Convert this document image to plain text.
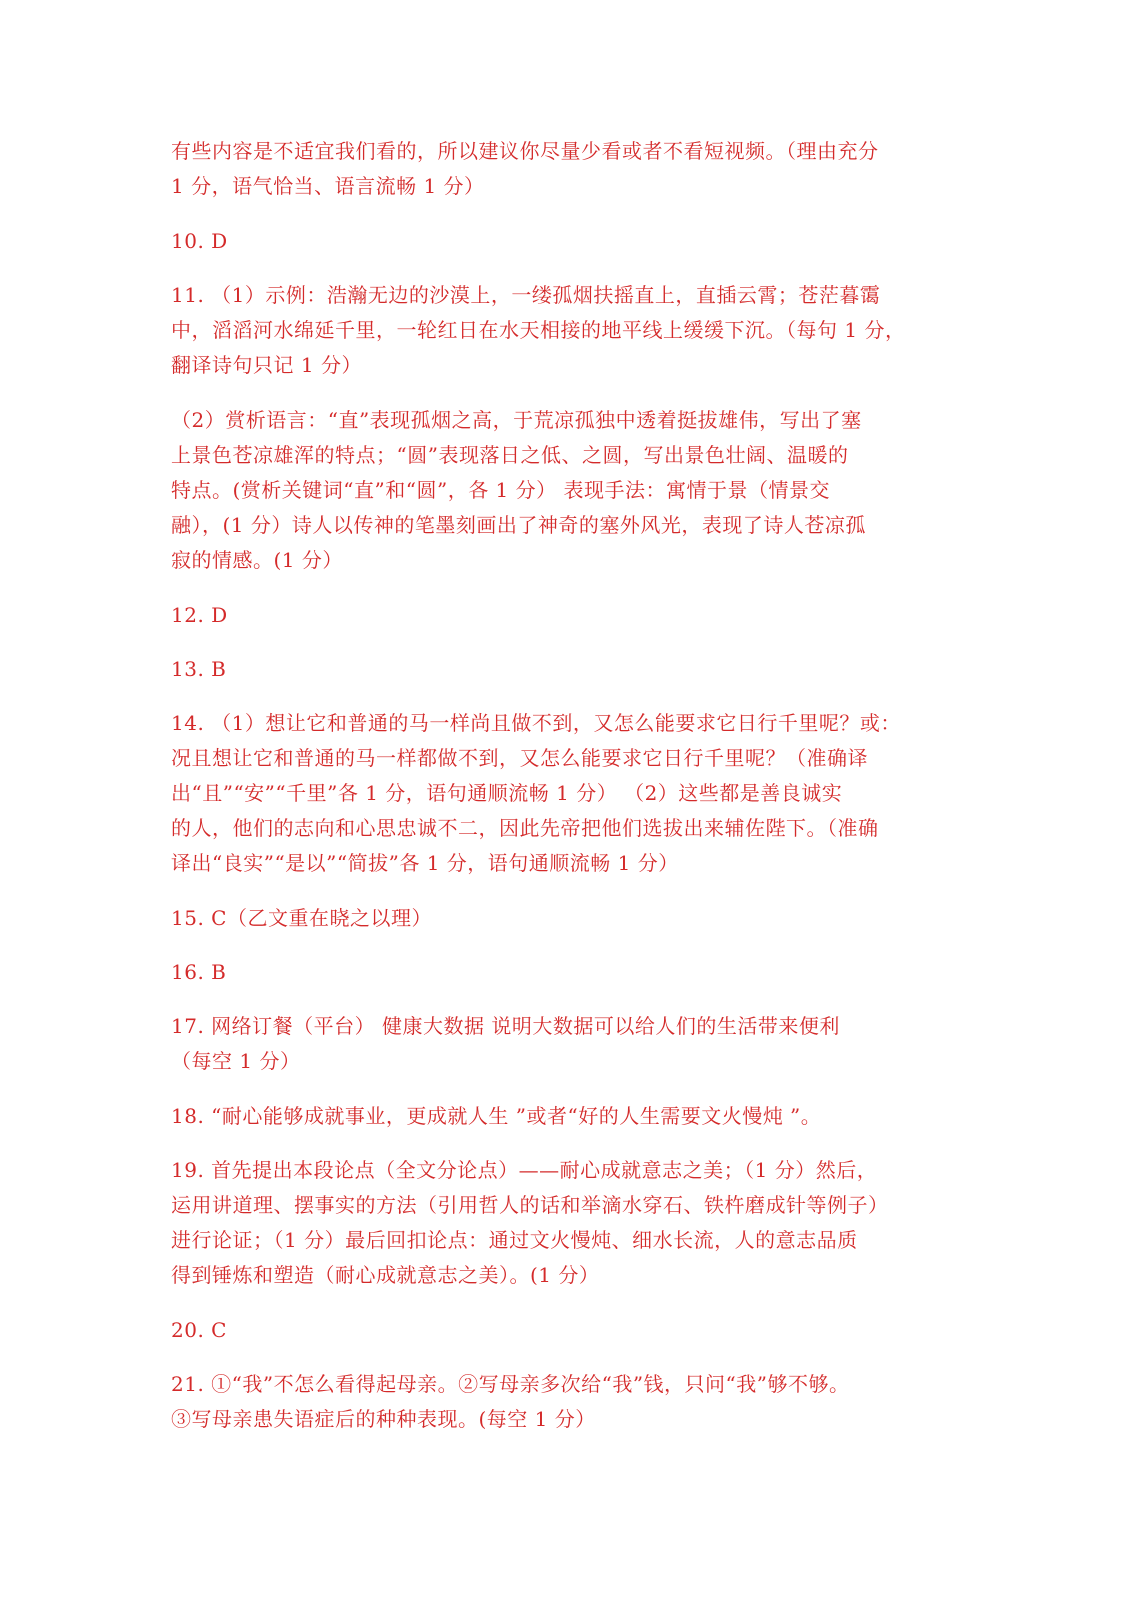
有些内容是不适宜我们看的，所以建议你尽量少看或者不看短视频。（理由充分
1 分，语气恰当、语言流畅 1 分）

10. D

11. （1）示例：浩瀚无边的沙漠上，一缕孤烟扶摇直上，直插云霄；苍茫暮霭
中，滔滔河水绵延千里，一轮红日在水天相接的地平线上缓缓下沉。（每句 1 分，
翻译诗句只记 1 分）

（2）赏析语言：“直”表现孤烟之高，于荒凉孤独中透着挺拔雄伟，写出了塞
上景色苍凉雄浑的特点；“圆”表现落日之低、之圆，写出景色壮阔、温暖的
特点。(赏析关键词“直”和“圆”，各 1 分） 表现手法：寓情于景（情景交
融），(1 分）诗人以传神的笔墨刻画出了神奇的塞外风光，表现了诗人苍凉孤
寂的情感。(1 分）

12. D

13. B

14. （1）想让它和普通的马一样尚且做不到，又怎么能要求它日行千里呢？或：
况且想让它和普通的马一样都做不到，又怎么能要求它日行千里呢？（准确译
出“且”“安”“千里”各 1 分，语句通顺流畅 1 分） （2）这些都是善良诚实
的人，他们的志向和心思忠诚不二，因此先帝把他们选拔出来辅佐陛下。（准确
译出“良实”“是以”“简拔”各 1 分，语句通顺流畅 1 分）

15. C（乙文重在晓之以理）

16. B

17. 网络订餐（平台） 健康大数据 说明大数据可以给人们的生活带来便利
（每空 1 分）

18. “耐心能够成就事业，更成就人生 ”或者“好的人生需要文火慢炖 ”。

19. 首先提出本段论点（全文分论点）——耐心成就意志之美；（1 分）然后，
运用讲道理、摆事实的方法（引用哲人的话和举滴水穿石、铁杵磨成针等例子）
进行论证；（1 分）最后回扣论点：通过文火慢炖、细水长流，人的意志品质
得到锤炼和塑造（耐心成就意志之美）。(1 分）

20. C

21. ①“我”不怎么看得起母亲。②写母亲多次给“我”钱，只问“我”够不够。
③写母亲患失语症后的种种表现。(每空 1 分）
